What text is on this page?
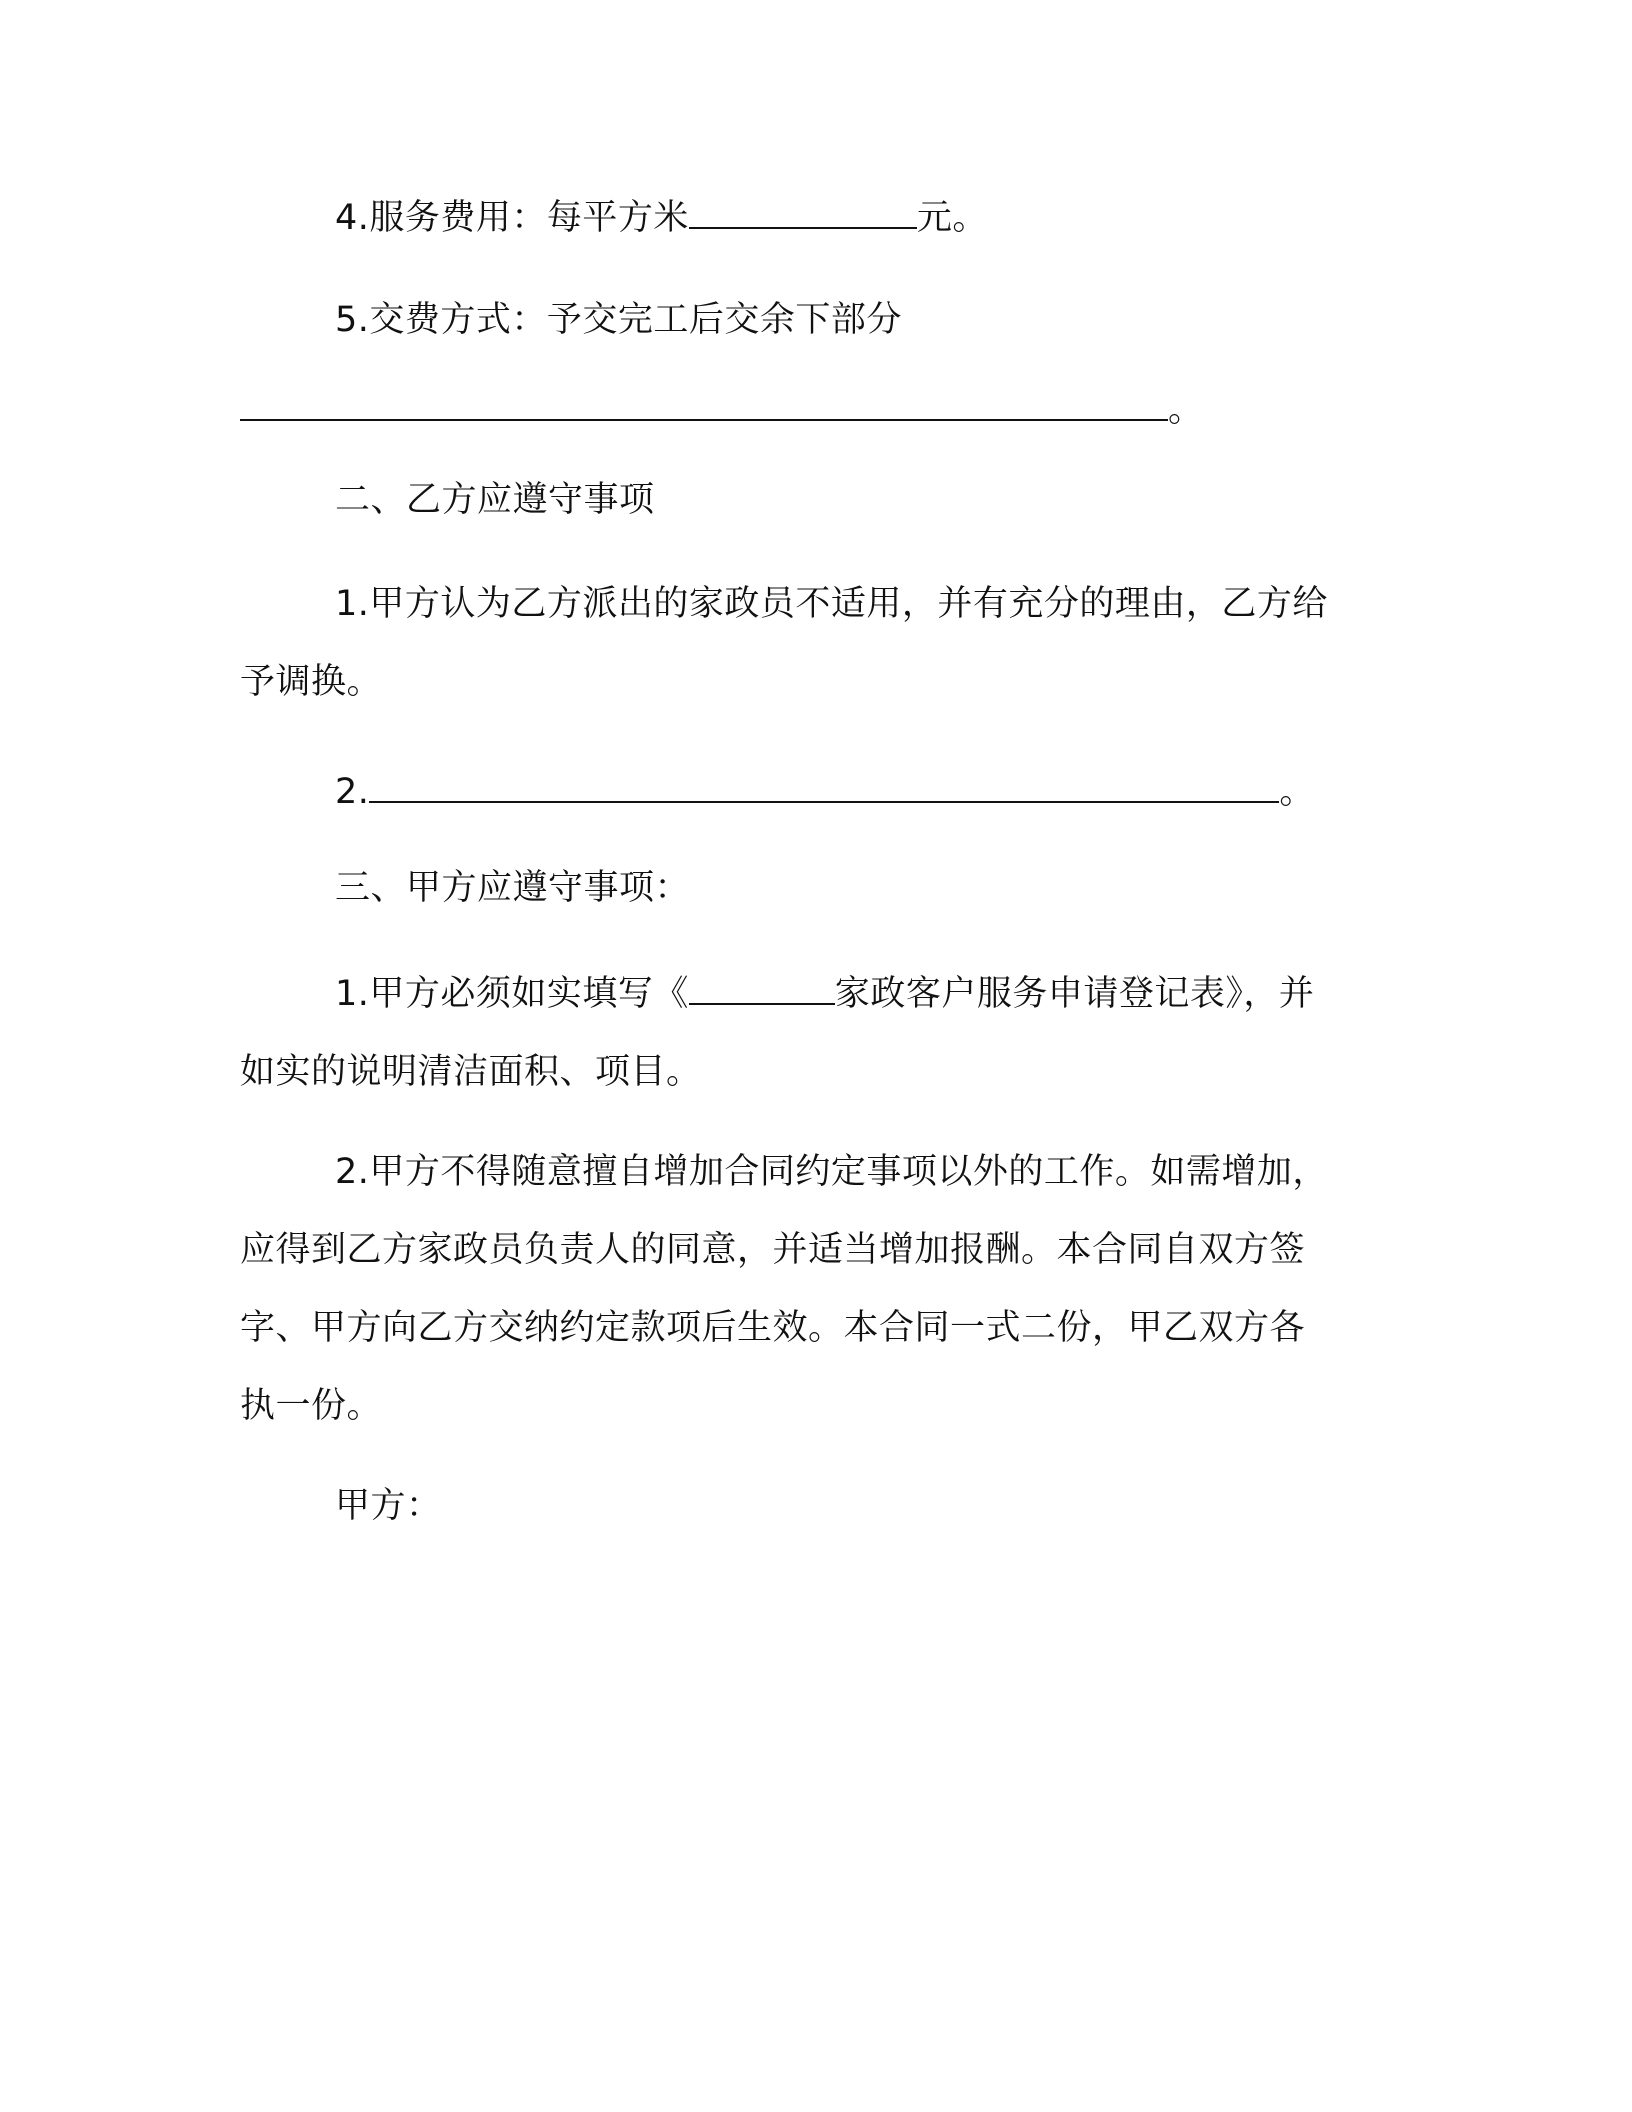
4.服务费用：每平方米	元。
5.交费方式：予交完工后交余下部分
。
二、乙方应遵守事项
1.甲方认为乙方派出的家政员不适用，并有充分的理由，乙方给
予调换。
2.	。
三、甲方应遵守事项：
1.甲方必须如实填写《	家政客户服务申请登记表》，并
如实的说明清洁面积、项目。
2.甲方不得随意擅自增加合同约定事项以外的工作。如需增加，
应得到乙方家政员负责人的同意，并适当增加报酬。本合同自双方签
字、甲方向乙方交纳约定款项后生效。本合同一式二份，甲乙双方各
执一份。
甲方：
